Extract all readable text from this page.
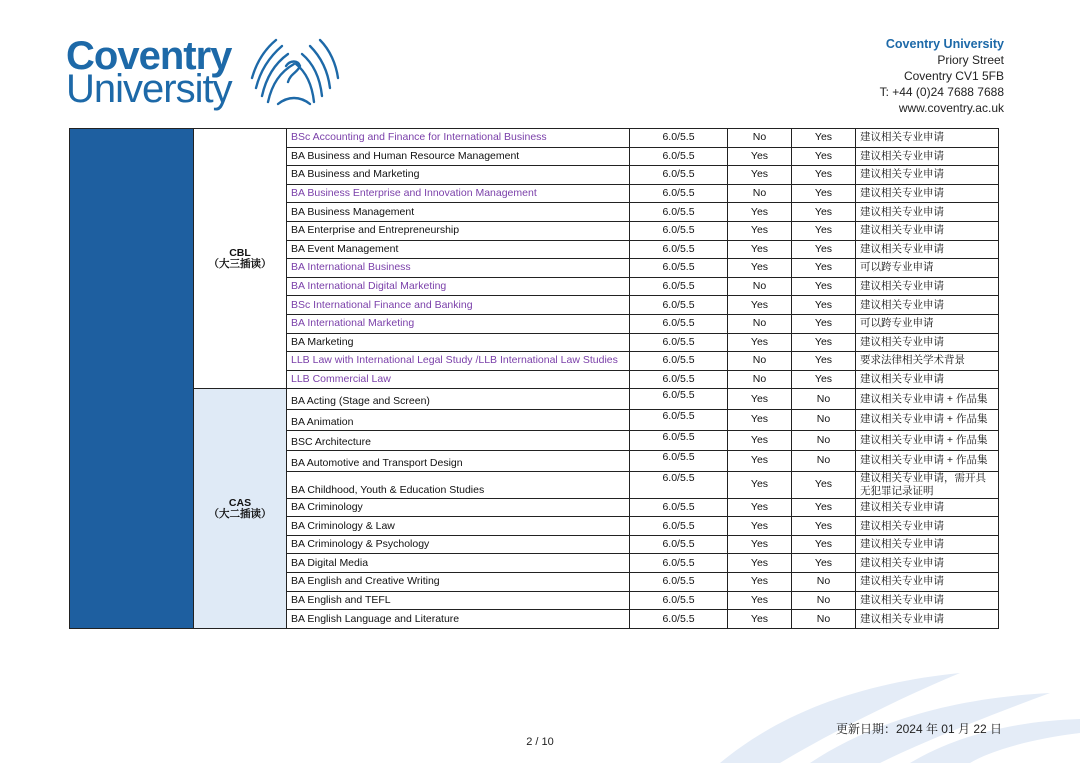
Coventry
University
Coventry University
Priory Street
Coventry CV1 5FB
T: +44 (0)24 7688 7688
www.coventry.ac.uk

	CBL
（大三插读）	BSc Accounting and Finance for International Business	6.0/5.5	No	Yes	建议相关专业申请
		BA Business and Human Resource Management	6.0/5.5	Yes	Yes	建议相关专业申请
		BA Business and Marketing	6.0/5.5	Yes	Yes	建议相关专业申请
		BA Business Enterprise and Innovation Management	6.0/5.5	No	Yes	建议相关专业申请
		BA Business Management	6.0/5.5	Yes	Yes	建议相关专业申请
		BA Enterprise and Entrepreneurship	6.0/5.5	Yes	Yes	建议相关专业申请
		BA Event Management	6.0/5.5	Yes	Yes	建议相关专业申请
		BA International Business	6.0/5.5	Yes	Yes	可以跨专业申请
		BA International Digital Marketing	6.0/5.5	No	Yes	建议相关专业申请
		BSc International Finance and Banking	6.0/5.5	Yes	Yes	建议相关专业申请
		BA International Marketing	6.0/5.5	No	Yes	可以跨专业申请
		BA Marketing	6.0/5.5	Yes	Yes	建议相关专业申请
		LLB Law with International Legal Study /LLB International Law Studies	6.0/5.5	No	Yes	要求法律相关学术背景
		LLB Commercial Law	6.0/5.5	No	Yes	建议相关专业申请

	CAS
（大二插读）	BA Acting (Stage and Screen)	6.0/5.5	Yes	No	建议相关专业申请 + 作品集
		BA Animation	6.0/5.5	Yes	No	建议相关专业申请 + 作品集
		BSC Architecture	6.0/5.5	Yes	No	建议相关专业申请 + 作品集
		BA Automotive and Transport Design	6.0/5.5	Yes	No	建议相关专业申请 + 作品集
		BA Childhood, Youth & Education Studies	6.0/5.5	Yes	Yes	建议相关专业申请，需开具无犯罪记录证明
		BA Criminology	6.0/5.5	Yes	Yes	建议相关专业申请
		BA Criminology & Law	6.0/5.5	Yes	Yes	建议相关专业申请
		BA Criminology & Psychology	6.0/5.5	Yes	Yes	建议相关专业申请
		BA Digital Media	6.0/5.5	Yes	Yes	建议相关专业申请
		BA English and Creative Writing	6.0/5.5	Yes	No	建议相关专业申请
		BA English and TEFL	6.0/5.5	Yes	No	建议相关专业申请
		BA English Language and Literature	6.0/5.5	Yes	No	建议相关专业申请
更新日期：2024 年 01 月 22 日
2 / 10
